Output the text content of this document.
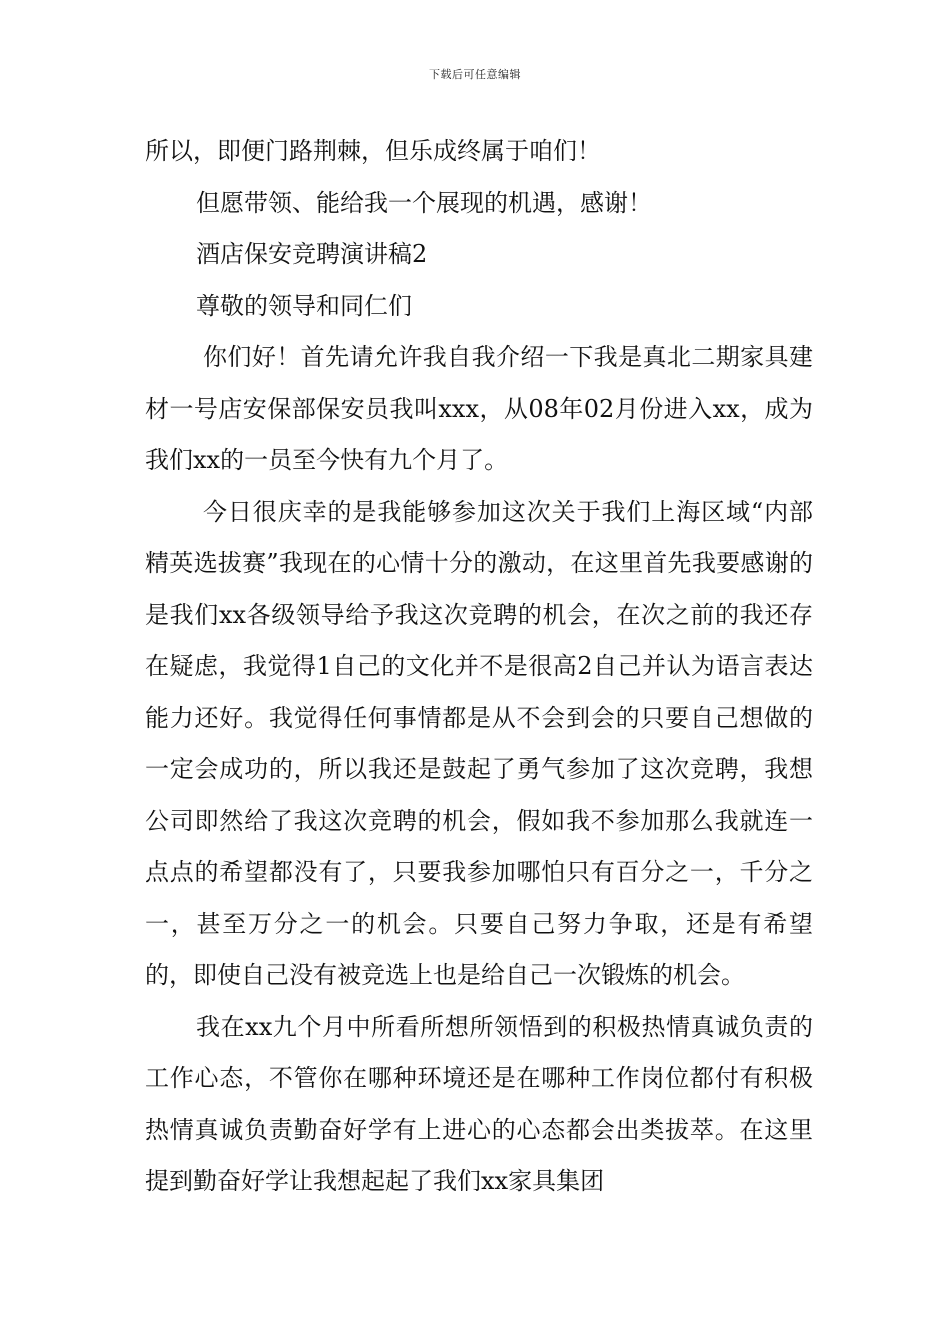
下载后可任意编辑

所以，即便门路荆棘，但乐成终属于咱们！

但愿带领、能给我一个展现的机遇，感谢！

酒店保安竞聘演讲稿2

尊敬的领导和同仁们

你们好！首先请允许我自我介绍一下我是真北二期家具建材一号店安保部保安员我叫xxx，从08年02月份进入xx，成为我们xx的一员至今快有九个月了。

今日很庆幸的是我能够参加这次关于我们上海区域“内部精英选拔赛”我现在的心情十分的激动，在这里首先我要感谢的是我们xx各级领导给予我这次竞聘的机会，在次之前的我还存在疑虑，我觉得1自己的文化并不是很高2自己并认为语言表达能力还好。我觉得任何事情都是从不会到会的只要自己想做的一定会成功的，所以我还是鼓起了勇气参加了这次竞聘，我想公司即然给了我这次竞聘的机会，假如我不参加那么我就连一点点的希望都没有了，只要我参加哪怕只有百分之一，千分之一，甚至万分之一的机会。只要自己努力争取，还是有希望的，即使自己没有被竞选上也是给自己一次锻炼的机会。

我在xx九个月中所看所想所领悟到的积极热情真诚负责的工作心态，不管你在哪种环境还是在哪种工作岗位都付有积极热情真诚负责勤奋好学有上进心的心态都会出类拔萃。在这里提到勤奋好学让我想起起了我们xx家具集团
